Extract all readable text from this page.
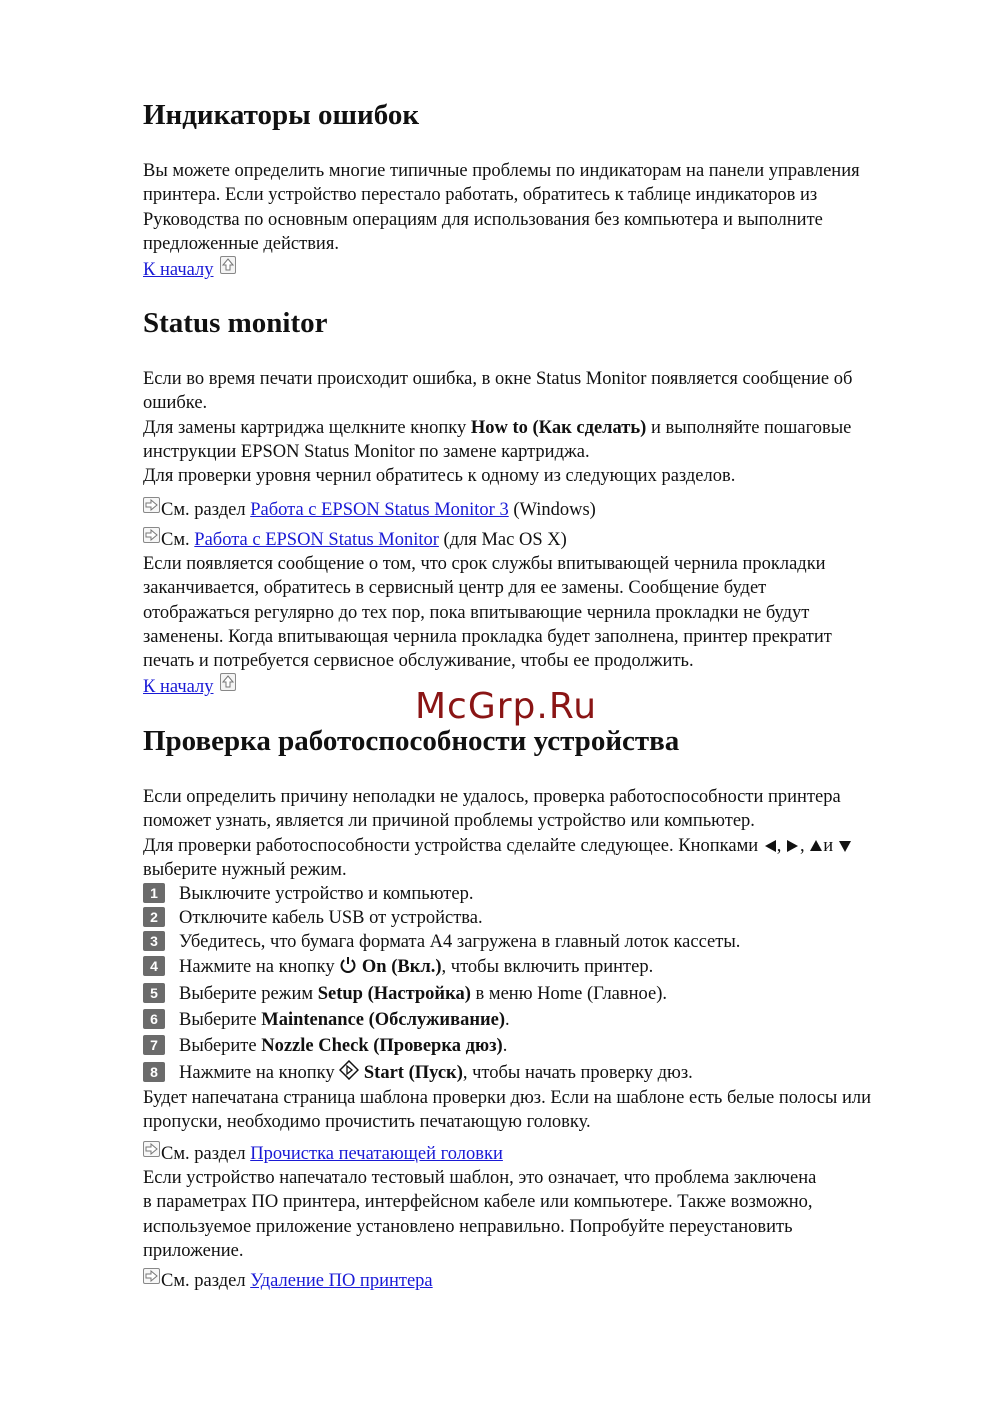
McGrp.Ru
Индикаторы ошибок
Вы можете определить многие типичные проблемы по индикаторам на панели управления
принтера. Если устройство перестало работать, обратитесь к таблице индикаторов из
Руководства по основным операциям для использования без компьютера и выполните
предложенные действия.
К началу
Status monitor
Если во время печати происходит ошибка, в окне Status Monitor появляется сообщение об
ошибке.
Для замены картриджа щелкните кнопку How to (Как сделать) и выполняйте пошаговые
инструкции EPSON Status Monitor по замене картриджа.
Для проверки уровня чернил обратитесь к одному из следующих разделов.
См. раздел Работа с EPSON Status Monitor 3 (Windows)
См. Работа с EPSON Status Monitor (для Mac OS X)
Если появляется сообщение о том, что срок службы впитывающей чернила прокладки
заканчивается, обратитесь в сервисный центр для ее замены. Сообщение будет
отображаться регулярно до тех пор, пока впитывающие чернила прокладки не будут
заменены. Когда впитывающая чернила прокладка будет заполнена, принтер прекратит
печать и потребуется сервисное обслуживание, чтобы ее продолжить.
К началу
Проверка работоспособности устройства
Если определить причину неполадки не удалось, проверка работоспособности принтера
поможет узнать, является ли причиной проблемы устройство или компьютер.
Для проверки работоспособности устройства сделайте следующее. Кнопками , , и
выберите нужный режим.
1 Выключите устройство и компьютер.
2 Отключите кабель USB от устройства.
3 Убедитесь, что бумага формата A4 загружена в главный лоток кассеты.
4 Нажмите на кнопку  On (Вкл.), чтобы включить принтер.
5 Выберите режим Setup (Настройка) в меню Home (Главное).
6 Выберите Maintenance (Обслуживание).
7 Выберите Nozzle Check (Проверка дюз).
8 Нажмите на кнопку  Start (Пуск), чтобы начать проверку дюз.
Будет напечатана страница шаблона проверки дюз. Если на шаблоне есть белые полосы или
пропуски, необходимо прочистить печатающую головку.
См. раздел Прочистка печатающей головки
Если устройство напечатало тестовый шаблон, это означает, что проблема заключена
в параметрах ПО принтера, интерфейсном кабеле или компьютере. Также возможно,
используемое приложение установлено неправильно. Попробуйте переустановить
приложение.
См. раздел Удаление ПО принтера
